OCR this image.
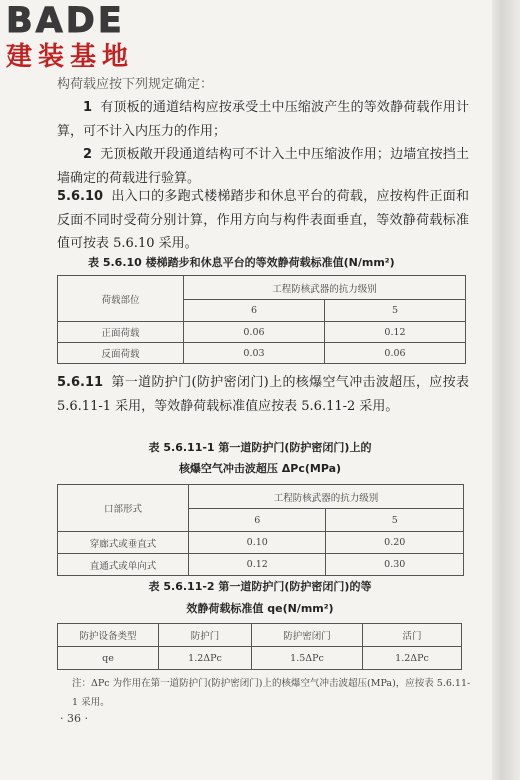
BADE
建装基地
构荷载应按下列规定确定：
1 有顶板的通道结构应按承受土中压缩波产生的等效静荷载作用计算，可不计入内压力的作用；
2 无顶板敞开段通道结构可不计入土中压缩波作用；边墙宜按挡土墙确定的荷载进行验算。
5.6.10 出入口的多跑式楼梯踏步和休息平台的荷载，应按构件正面和反面不同时受荷分别计算，作用方向与构件表面垂直，等效静荷载标准值可按表 5.6.10 采用。
表 5.6.10 楼梯踏步和休息平台的等效静荷载标准值(N/mm²)
荷载部位	工程防核武器的抗力级别	
	6	5
正面荷载	0.06	0.12
反面荷载	0.03	0.06
5.6.11 第一道防护门(防护密闭门)上的核爆空气冲击波超压，应按表 5.6.11-1 采用，等效静荷载标准值应按表 5.6.11-2 采用。
表 5.6.11-1 第一道防护门(防护密闭门)上的
核爆空气冲击波超压 ΔPc(MPa)
口部形式	工程防核武器的抗力级别	
	6	5
穿廊式或垂直式	0.10	0.20
直通式或单向式	0.12	0.30
表 5.6.11-2 第一道防护门(防护密闭门)的等
效静荷载标准值 qe(N/mm²)
防护设备类型	防护门	防护密闭门	活门
qe	1.2ΔPc	1.5ΔPc	1.2ΔPc
注：ΔPc 为作用在第一道防护门(防护密闭门)上的核爆空气冲击波超压(MPa)，应按表 5.6.11-1 采用。
· 36 ·
